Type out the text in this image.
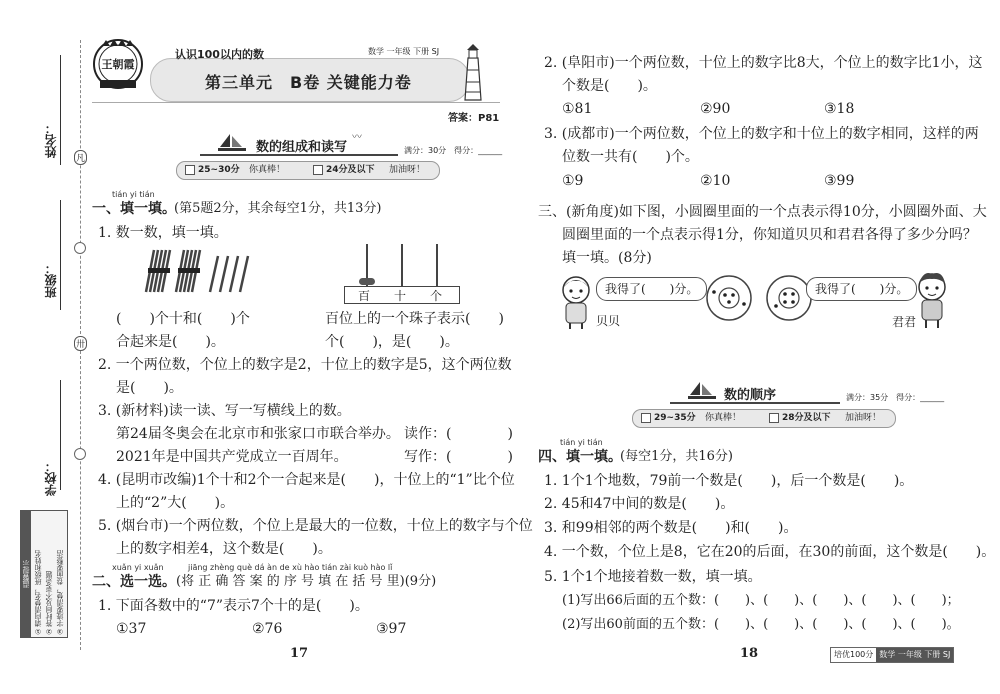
姓名：
凡
班级：
卅
学校：
温馨提示 ①请向清楚名，班级和姓名 ②答时间及不更条题 ③字迹要清楚，卷面要整洁
王朝霞
认识100以内的数	数学 一年级 下册 SJ
第三单元　B卷 关键能力卷
答案：P81
数的组成和读写
〰
满分：30分　得分：______
25~30分 你真棒！	24分及以下 加油呀！
tián yi tián
一、填一填。
(第5题2分，其余每空1分，共13分)
1. 数一数，填一填。
百 十 个
(　　)个十和(　　)个	百位上的一个珠子表示(　　)
合起来是(　　)。	个(　　)，是(　　)。
2. 一个两位数，个位上的数字是2，十位上的数字是5，这个两位数
是(　　)。
3. (新材料)读一读、写一写横线上的数。
第24届冬奥会在北京市和张家口市联合举办。 读作：(　　　　)
2021年是中国共产党成立一百周年。	写作：(　　　　)
4. (昆明市改编)1个十和2个一合起来是(　　)，十位上的“1”比个位
上的“2”大(　　)。
5. (烟台市)一个两位数，个位上是最大的一位数，十位上的数字与个位
上的数字相差4，这个数是(　　)。
xuǎn yi xuǎn	jiāng zhèng què dá àn de xù hào tián zài kuò hào lǐ
二、选一选。 (将 正 确 答 案 的 序 号 填 在 括 号 里)(9分)
1. 下面各数中的“7”表示7个十的是(　　)。
①37	②76	③97
17
2. (阜阳市)一个两位数，十位上的数字比8大，个位上的数字比1小，这
个数是(　　)。
①81	②90	③18
3. (成都市)一个两位数，个位上的数字和十位上的数字相同，这样的两
位数一共有(　　)个。
①9	②10	③99
三、(新角度)如下图，小圆圈里面的一个点表示得10分，小圆圈外面、大
圆圈里面的一个点表示得1分，你知道贝贝和君君各得了多少分吗？
填一填。(8分)
我得了(　　)分。
贝贝
我得了(　　)分。
君君
数的顺序	满分：35分　得分：______
29~35分 你真棒！	28分及以下 加油呀！
tián yi tián
四、填一填。
(每空1分，共16分)
1. 1个1个地数，79前一个数是(　　)，后一个数是(　　)。
2. 45和47中间的数是(　　)。
3. 和99相邻的两个数是(　　)和(　　)。
4. 一个数，个位上是8，它在20的后面，在30的前面，这个数是(　　)。
5. 1个1个地接着数一数，填一填。
(1)写出66后面的五个数：(　　)、(　　)、(　　)、(　　)、(　　)；
(2)写出60前面的五个数：(　　)、(　　)、(　　)、(　　)、(　　)。
18	培优100分 数学 一年级 下册 SJ
